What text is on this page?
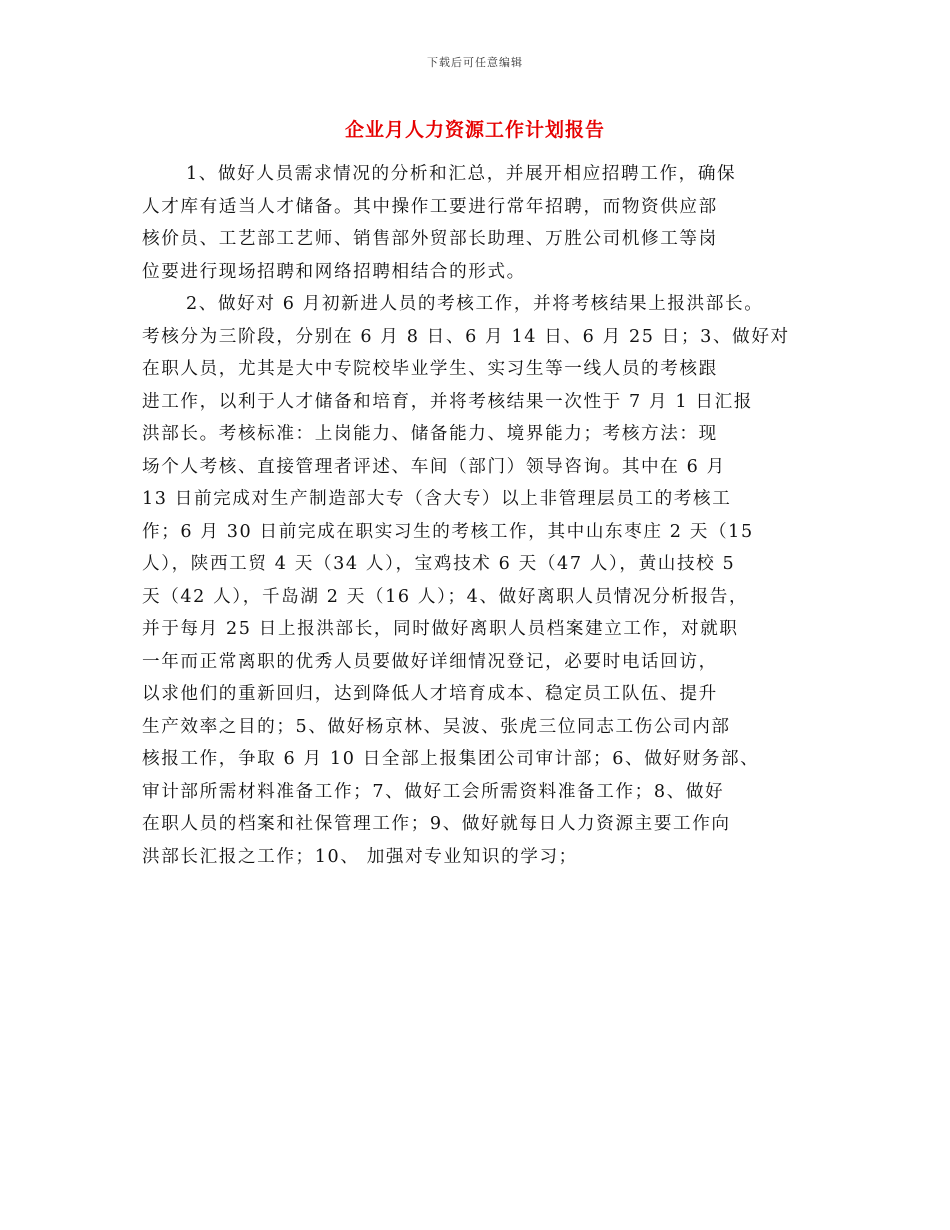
下载后可任意编辑
企业月人力资源工作计划报告
1、做好人员需求情况的分析和汇总，并展开相应招聘工作，确保
人才库有适当人才储备。其中操作工要进行常年招聘，而物资供应部
核价员、工艺部工艺师、销售部外贸部长助理、万胜公司机修工等岗
位要进行现场招聘和网络招聘相结合的形式。
2、做好对 6 月初新进人员的考核工作，并将考核结果上报洪部长。
考核分为三阶段，分别在 6 月 8 日、6 月 14 日、6 月 25 日；3、做好对
在职人员，尤其是大中专院校毕业学生、实习生等一线人员的考核跟
进工作，以利于人才储备和培育，并将考核结果一次性于 7 月 1 日汇报
洪部长。考核标准：上岗能力、储备能力、境界能力；考核方法：现
场个人考核、直接管理者评述、车间（部门）领导咨询。其中在 6 月
13 日前完成对生产制造部大专（含大专）以上非管理层员工的考核工
作；6 月 30 日前完成在职实习生的考核工作，其中山东枣庄 2 天（15
人），陕西工贸 4 天（34 人），宝鸡技术 6 天（47 人），黄山技校 5
天（42 人），千岛湖 2 天（16 人）；4、做好离职人员情况分析报告，
并于每月 25 日上报洪部长，同时做好离职人员档案建立工作，对就职
一年而正常离职的优秀人员要做好详细情况登记，必要时电话回访，
以求他们的重新回归，达到降低人才培育成本、稳定员工队伍、提升
生产效率之目的；5、做好杨京林、吴波、张虎三位同志工伤公司内部
核报工作，争取 6 月 10 日全部上报集团公司审计部；6、做好财务部、
审计部所需材料准备工作；7、做好工会所需资料准备工作；8、做好
在职人员的档案和社保管理工作；9、做好就每日人力资源主要工作向
洪部长汇报之工作；10、 加强对专业知识的学习；
